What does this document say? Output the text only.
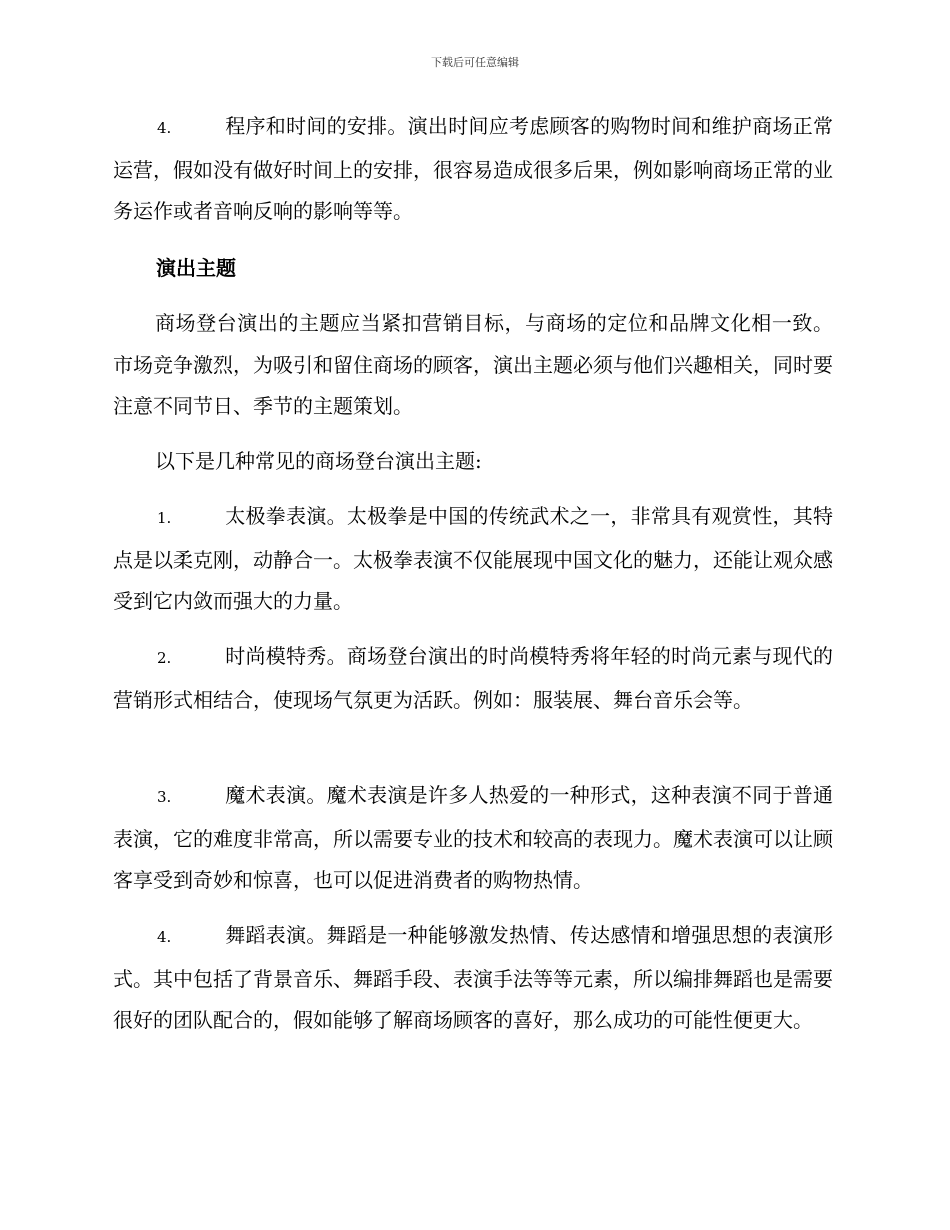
下载后可任意编辑
4.	程序和时间的安排。演出时间应考虑顾客的购物时间和维护商场正常运营，假如没有做好时间上的安排，很容易造成很多后果，例如影响商场正常的业务运作或者音响反响的影响等等。
演出主题
商场登台演出的主题应当紧扣营销目标，与商场的定位和品牌文化相一致。市场竞争激烈，为吸引和留住商场的顾客，演出主题必须与他们兴趣相关，同时要注意不同节日、季节的主题策划。
以下是几种常见的商场登台演出主题:
1.	太极拳表演。太极拳是中国的传统武术之一，非常具有观赏性，其特点是以柔克刚，动静合一。太极拳表演不仅能展现中国文化的魅力，还能让观众感受到它内敛而强大的力量。
2.	时尚模特秀。商场登台演出的时尚模特秀将年轻的时尚元素与现代的营销形式相结合，使现场气氛更为活跃。例如：服装展、舞台音乐会等。
3.	魔术表演。魔术表演是许多人热爱的一种形式，这种表演不同于普通表演，它的难度非常高，所以需要专业的技术和较高的表现力。魔术表演可以让顾客享受到奇妙和惊喜，也可以促进消费者的购物热情。
4.	舞蹈表演。舞蹈是一种能够激发热情、传达感情和增强思想的表演形式。其中包括了背景音乐、舞蹈手段、表演手法等等元素，所以编排舞蹈也是需要很好的团队配合的，假如能够了解商场顾客的喜好，那么成功的可能性便更大。
